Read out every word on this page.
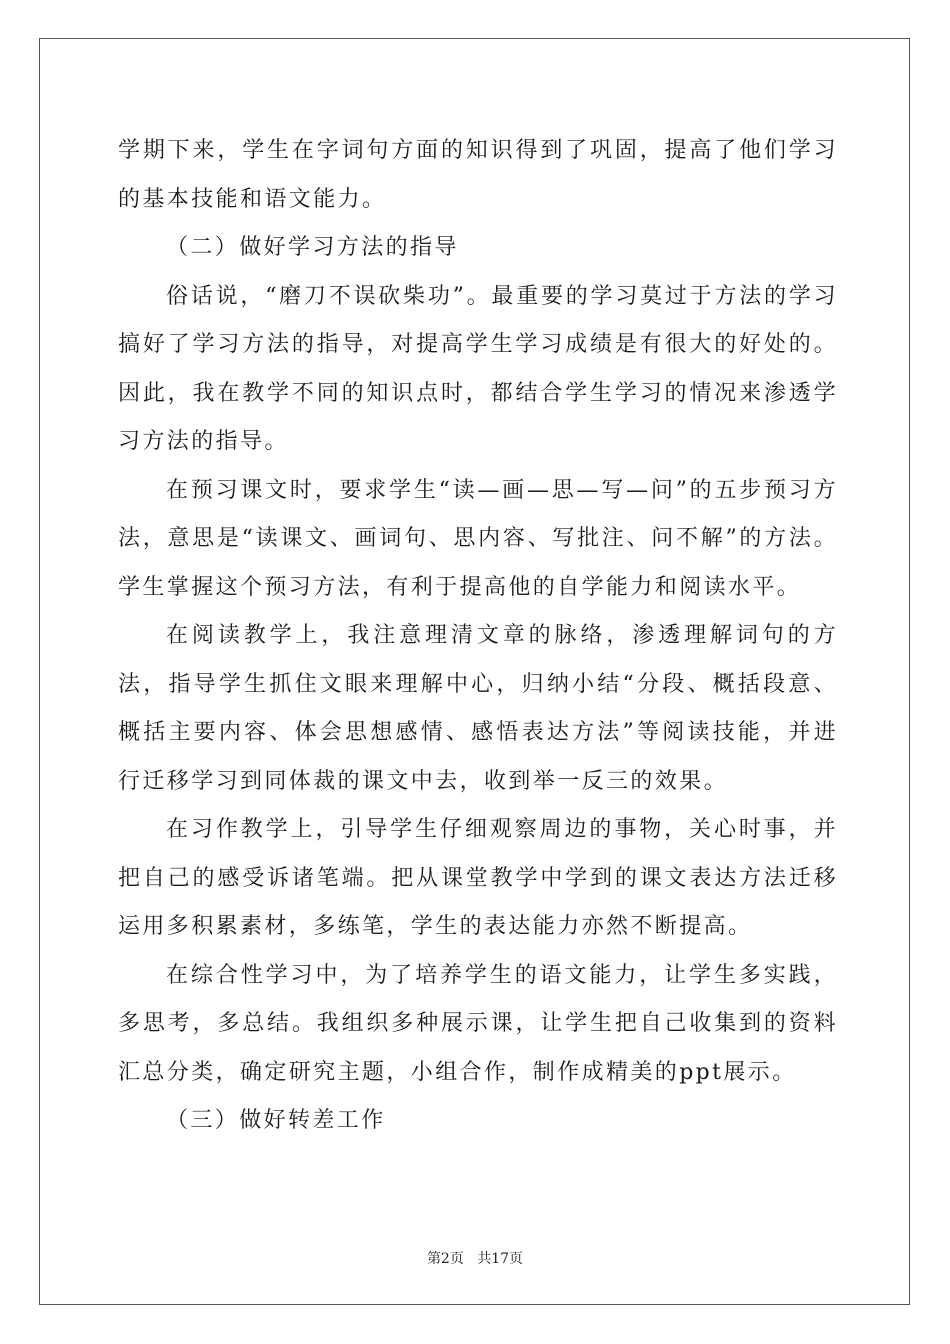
学期下来，学生在字词句方面的知识得到了巩固，提高了他们学习的基本技能和语文能力。

（二）做好学习方法的指导

俗话说，“磨刀不误砍柴功”。最重要的学习莫过于方法的学习搞好了学习方法的指导，对提高学生学习成绩是有很大的好处的。因此，我在教学不同的知识点时，都结合学生学习的情况来渗透学习方法的指导。

在预习课文时，要求学生“读—画—思—写—问”的五步预习方法，意思是“读课文、画词句、思内容、写批注、问不解”的方法。学生掌握这个预习方法，有利于提高他的自学能力和阅读水平。

在阅读教学上，我注意理清文章的脉络，渗透理解词句的方法，指导学生抓住文眼来理解中心，归纳小结“分段、概括段意、概括主要内容、体会思想感情、感悟表达方法”等阅读技能，并进行迁移学习到同体裁的课文中去，收到举一反三的效果。

在习作教学上，引导学生仔细观察周边的事物，关心时事，并把自己的感受诉诸笔端。把从课堂教学中学到的课文表达方法迁移运用多积累素材，多练笔，学生的表达能力亦然不断提高。

在综合性学习中，为了培养学生的语文能力，让学生多实践，多思考，多总结。我组织多种展示课，让学生把自己收集到的资料汇总分类，确定研究主题，小组合作，制作成精美的ppt展示。

（三）做好转差工作

第2页 共17页
